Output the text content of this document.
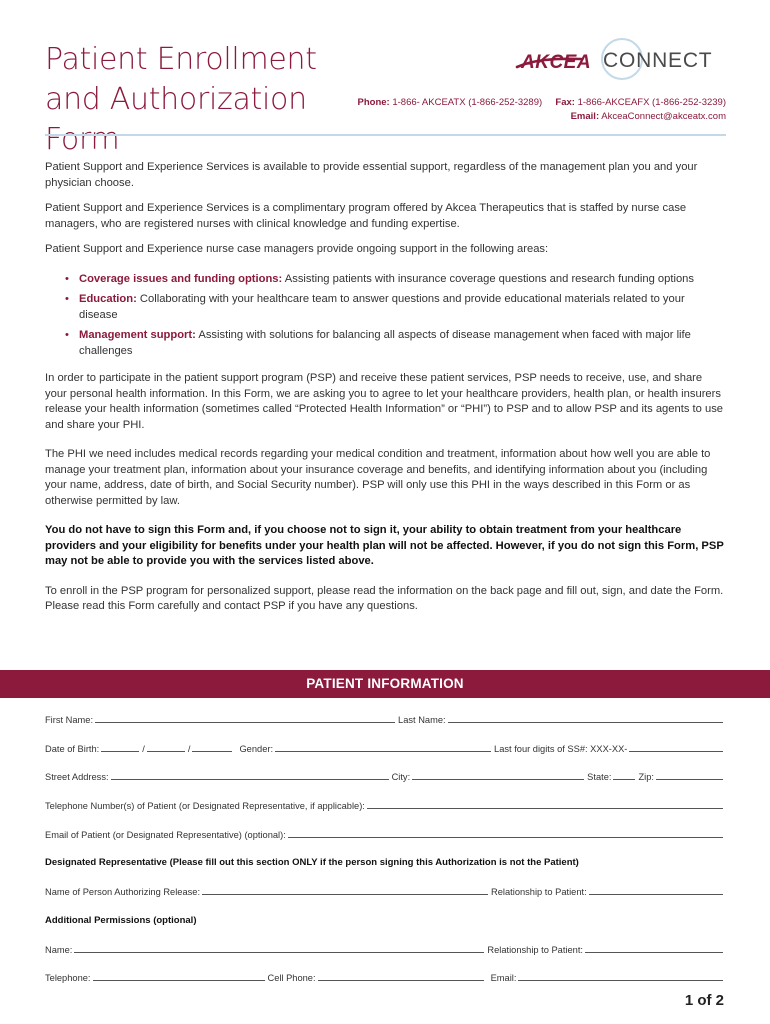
Patient Enrollment and Authorization Form
AKCEA CONNECT
Phone: 1-866- AKCEATX (1-866-252-3289) Fax: 1-866-AKCEAFX (1-866-252-3239)
Email: AkceaConnect@akceatx.com

Patient Support and Experience Services is available to provide essential support, regardless of the management plan you and your physician choose.

Patient Support and Experience Services is a complimentary program offered by Akcea Therapeutics that is staffed by nurse case managers, who are registered nurses with clinical knowledge and funding expertise.

Patient Support and Experience nurse case managers provide ongoing support in the following areas:

• Coverage issues and funding options: Assisting patients with insurance coverage questions and research funding options
• Education: Collaborating with your healthcare team to answer questions and provide educational materials related to your disease
• Management support: Assisting with solutions for balancing all aspects of disease management when faced with major life challenges

In order to participate in the patient support program (PSP) and receive these patient services, PSP needs to receive, use, and share your personal health information. In this Form, we are asking you to agree to let your healthcare providers, health plan, or health insurers release your health information (sometimes called “Protected Health Information” or “PHI”) to PSP and to allow PSP and its agents to use and share your PHI.

The PHI we need includes medical records regarding your medical condition and treatment, information about how well you are able to manage your treatment plan, information about your insurance coverage and benefits, and identifying information about you (including your name, address, date of birth, and Social Security number). PSP will only use this PHI in the ways described in this Form or as otherwise permitted by law.

You do not have to sign this Form and, if you choose not to sign it, your ability to obtain treatment from your healthcare providers and your eligibility for benefits under your health plan will not be affected. However, if you do not sign this Form, PSP may not be able to provide you with the services listed above.

To enroll in the PSP program for personalized support, please read the information on the back page and fill out, sign, and date the Form. Please read this Form carefully and contact PSP if you have any questions.

PATIENT INFORMATION
First Name:	Last Name:
Date of Birth:	/	/	Gender:	Last four digits of SS#: XXX-XX-
Street Address:	City:	State:	Zip:
Telephone Number(s) of Patient (or Designated Representative, if applicable):
Email of Patient (or Designated Representative) (optional):
Designated Representative (Please fill out this section ONLY if the person signing this Authorization is not the Patient)
Name of Person Authorizing Release:	Relationship to Patient:
Additional Permissions (optional)
Name:	Relationship to Patient:
Telephone:	Cell Phone:	Email:
1 of 2
